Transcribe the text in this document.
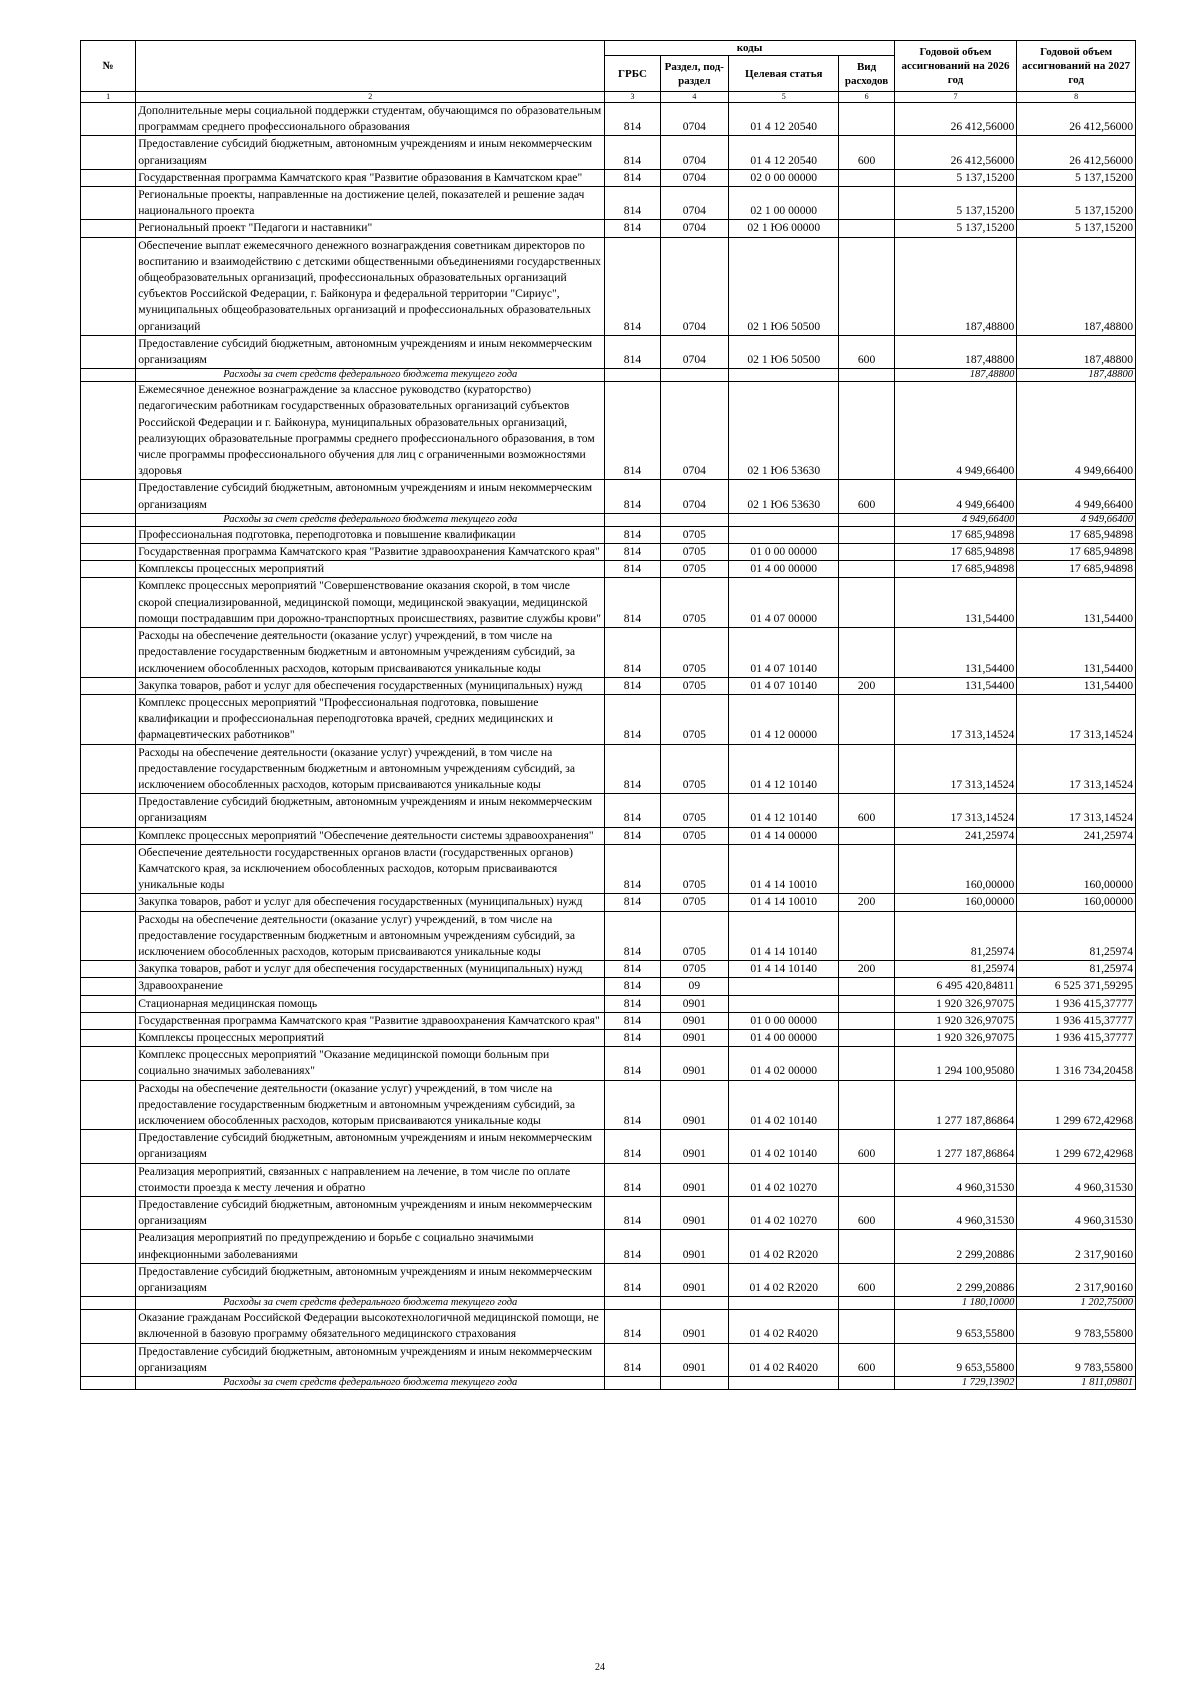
№		коды				Годовой объем ассигнований на 2026 год	Годовой объем ассигнований на 2027 год
		ГРБС	Раздел, под-раздел	Целевая статья	Вид расходов		
1	2	3	4	5	6	7	8
	Дополнительные меры социальной поддержки студентам, обучающимся по образовательным программам среднего профессионального образования	814	0704	01 4 12 20540		26 412,56000	26 412,56000
	Предоставление субсидий бюджетным, автономным учреждениям и иным некоммерческим организациям	814	0704	01 4 12 20540	600	26 412,56000	26 412,56000
	Государственная программа Камчатского края "Развитие образования в Камчатском крае"	814	0704	02 0 00 00000		5 137,15200	5 137,15200
	Региональные проекты, направленные на достижение целей, показателей и решение задач национального проекта	814	0704	02 1 00 00000		5 137,15200	5 137,15200
	Региональный проект "Педагоги и наставники"	814	0704	02 1 Ю6 00000		5 137,15200	5 137,15200
	Обеспечение выплат ежемесячного денежного вознаграждения советникам директоров по воспитанию и взаимодействию с детскими общественными объединениями государственных общеобразовательных организаций, профессиональных образовательных организаций субъектов Российской Федерации, г. Байконура и федеральной территории "Сириус", муниципальных общеобразовательных организаций и профессиональных образовательных организаций	814	0704	02 1 Ю6 50500		187,48800	187,48800
	Предоставление субсидий бюджетным, автономным учреждениям и иным некоммерческим организациям	814	0704	02 1 Ю6 50500	600	187,48800	187,48800
	Расходы за счет средств федерального бюджета текущего года					187,48800	187,48800
	Ежемесячное денежное вознаграждение за классное руководство (кураторство) педагогическим работникам государственных образовательных организаций субъектов Российской Федерации и г. Байконура, муниципальных образовательных организаций, реализующих образовательные программы среднего профессионального образования, в том числе программы профессионального обучения для лиц с ограниченными возможностями здоровья	814	0704	02 1 Ю6 53630		4 949,66400	4 949,66400
	Предоставление субсидий бюджетным, автономным учреждениям и иным некоммерческим организациям	814	0704	02 1 Ю6 53630	600	4 949,66400	4 949,66400
	Расходы за счет средств федерального бюджета текущего года					4 949,66400	4 949,66400
	Профессиональная подготовка, переподготовка и повышение квалификации	814	0705			17 685,94898	17 685,94898
	Государственная программа Камчатского края "Развитие здравоохранения Камчатского края"	814	0705	01 0 00 00000		17 685,94898	17 685,94898
	Комплексы процессных мероприятий	814	0705	01 4 00 00000		17 685,94898	17 685,94898
	Комплекс процессных мероприятий "Совершенствование оказания скорой, в том числе скорой специализированной, медицинской помощи, медицинской эвакуации, медицинской помощи пострадавшим при дорожно-транспортных происшествиях, развитие службы крови"	814	0705	01 4 07 00000		131,54400	131,54400
	Расходы на обеспечение деятельности (оказание услуг) учреждений, в том числе на предоставление государственным бюджетным и автономным учреждениям субсидий, за исключением обособленных расходов, которым присваиваются уникальные коды	814	0705	01 4 07 10140		131,54400	131,54400
	Закупка товаров, работ и услуг для обеспечения государственных (муниципальных) нужд	814	0705	01 4 07 10140	200	131,54400	131,54400
	Комплекс процессных мероприятий "Профессиональная подготовка, повышение квалификации и профессиональная переподготовка врачей, средних медицинских и фармацевтических работников"	814	0705	01 4 12 00000		17 313,14524	17 313,14524
	Расходы на обеспечение деятельности (оказание услуг) учреждений, в том числе на предоставление государственным бюджетным и автономным учреждениям субсидий, за исключением обособленных расходов, которым присваиваются уникальные коды	814	0705	01 4 12 10140		17 313,14524	17 313,14524
	Предоставление субсидий бюджетным, автономным учреждениям и иным некоммерческим организациям	814	0705	01 4 12 10140	600	17 313,14524	17 313,14524
	Комплекс процессных мероприятий "Обеспечение деятельности системы здравоохранения"	814	0705	01 4 14 00000		241,25974	241,25974
	Обеспечение деятельности государственных органов власти (государственных органов) Камчатского края, за исключением обособленных расходов, которым присваиваются уникальные коды	814	0705	01 4 14 10010		160,00000	160,00000
	Закупка товаров, работ и услуг для обеспечения государственных (муниципальных) нужд	814	0705	01 4 14 10010	200	160,00000	160,00000
	Расходы на обеспечение деятельности (оказание услуг) учреждений, в том числе на предоставление государственным бюджетным и автономным учреждениям субсидий, за исключением обособленных расходов, которым присваиваются уникальные коды	814	0705	01 4 14 10140		81,25974	81,25974
	Закупка товаров, работ и услуг для обеспечения государственных (муниципальных) нужд	814	0705	01 4 14 10140	200	81,25974	81,25974
	Здравоохранение	814	09			6 495 420,84811	6 525 371,59295
	Стационарная медицинская помощь	814	0901			1 920 326,97075	1 936 415,37777
	Государственная программа Камчатского края "Развитие здравоохранения Камчатского края"	814	0901	01 0 00 00000		1 920 326,97075	1 936 415,37777
	Комплексы процессных мероприятий	814	0901	01 4 00 00000		1 920 326,97075	1 936 415,37777
	Комплекс процессных мероприятий "Оказание медицинской помощи больным при социально значимых заболеваниях"	814	0901	01 4 02 00000		1 294 100,95080	1 316 734,20458
	Расходы на обеспечение деятельности (оказание услуг) учреждений, в том числе на предоставление государственным бюджетным и автономным учреждениям субсидий, за исключением обособленных расходов, которым присваиваются уникальные коды	814	0901	01 4 02 10140		1 277 187,86864	1 299 672,42968
	Предоставление субсидий бюджетным, автономным учреждениям и иным некоммерческим организациям	814	0901	01 4 02 10140	600	1 277 187,86864	1 299 672,42968
	Реализация мероприятий, связанных с направлением на лечение, в том числе по оплате стоимости проезда к месту лечения и обратно	814	0901	01 4 02 10270		4 960,31530	4 960,31530
	Предоставление субсидий бюджетным, автономным учреждениям и иным некоммерческим организациям	814	0901	01 4 02 10270	600	4 960,31530	4 960,31530
	Реализация мероприятий по предупреждению и борьбе с социально значимыми инфекционными заболеваниями	814	0901	01 4 02 R2020		2 299,20886	2 317,90160
	Предоставление субсидий бюджетным, автономным учреждениям и иным некоммерческим организациям	814	0901	01 4 02 R2020	600	2 299,20886	2 317,90160
	Расходы за счет средств федерального бюджета текущего года					1 180,10000	1 202,75000
	Оказание гражданам Российской Федерации высокотехнологичной медицинской помощи, не включенной в базовую программу обязательного медицинского страхования	814	0901	01 4 02 R4020		9 653,55800	9 783,55800
	Предоставление субсидий бюджетным, автономным учреждениям и иным некоммерческим организациям	814	0901	01 4 02 R4020	600	9 653,55800	9 783,55800
	Расходы за счет средств федерального бюджета текущего года					1 729,13902	1 811,09801
24
